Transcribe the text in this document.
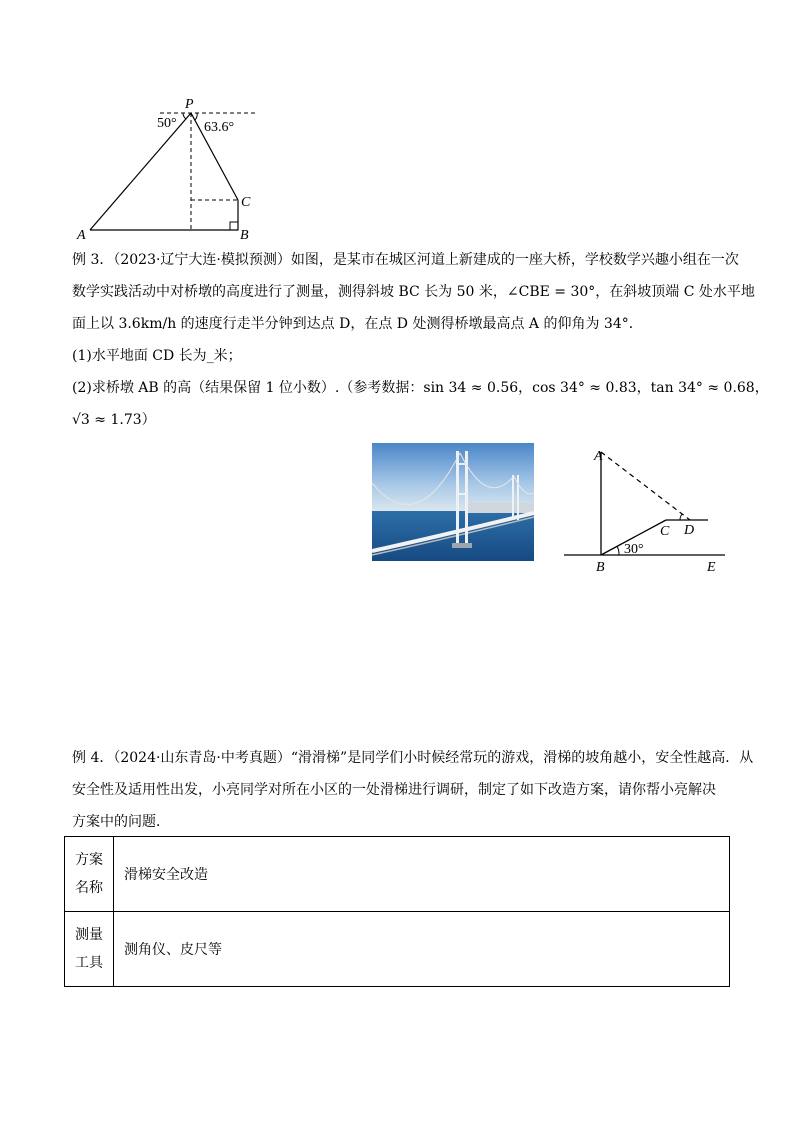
P
50° 63.6°
C
A	B
例 3．（2023·辽宁大连·模拟预测）如图，是某市在城区河道上新建成的一座大桥，学校数学兴趣小组在一次
数学实践活动中对桥墩的高度进行了测量，测得斜坡 BC 长为 50 米，∠CBE = 30°，在斜坡顶端 C 处水平地
面上以 3.6km/h 的速度行走半分钟到达点 D，在点 D 处测得桥墩最高点 A 的仰角为 34°．
(1)水平地面 CD 长为_米；
(2)求桥墩 AB 的高（结果保留 1 位小数）.（参考数据：sin 34 ≈ 0.56，cos 34° ≈ 0.83，tan 34° ≈ 0.68，
√3 ≈ 1.73）
A
C D
30°
B	E
例 4．（2024·山东青岛·中考真题）“滑滑梯”是同学们小时候经常玩的游戏，滑梯的坡角越小，安全性越高．从
安全性及适用性出发，小亮同学对所在小区的一处滑梯进行调研，制定了如下改造方案，请你帮小亮解决
方案中的问题．
方案
名称	滑梯安全改造

测量
工具	测角仪、皮尺等
